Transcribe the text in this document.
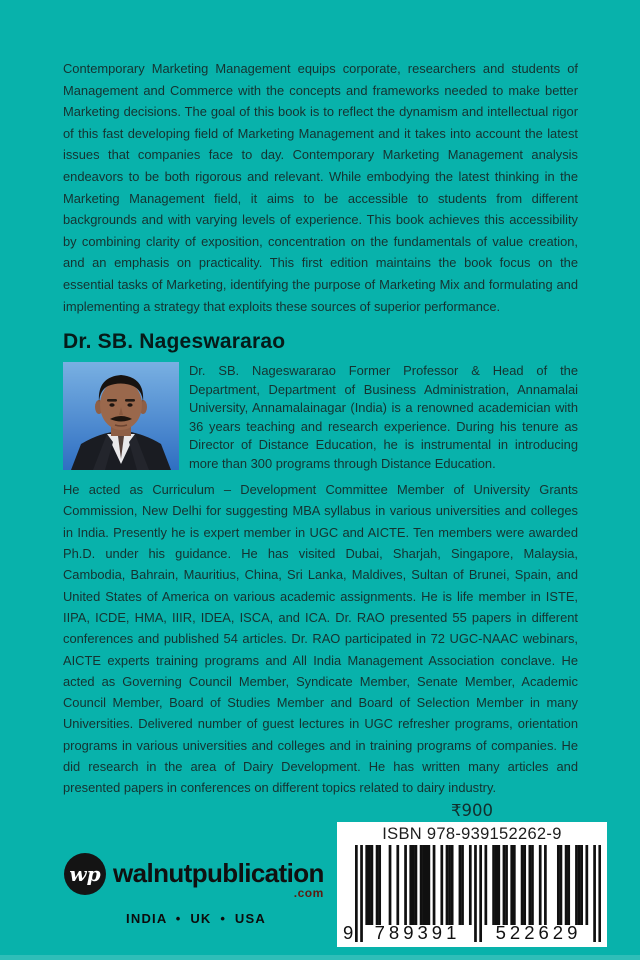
Contemporary Marketing Management equips corporate, researchers and students of Management and Commerce with the concepts and frameworks needed to make better Marketing decisions. The goal of this book is to reflect the dynamism and intellectual rigor of this fast developing field of Marketing Management and it takes into account the latest issues that companies face to day. Contemporary Marketing Management analysis endeavors to be both rigorous and relevant. While embodying the latest thinking in the Marketing Management field, it aims to be accessible to students from different backgrounds and with varying levels of experience. This book achieves this accessibility by combining clarity of exposition, concentration on the fundamentals of value creation, and an emphasis on practicality. This first edition maintains the book focus on the essential tasks of Marketing, identifying the purpose of Marketing Mix and formulating and implementing a strategy that exploits these sources of superior performance.

Dr. SB. Nageswararao

Dr. SB. Nageswararao Former Professor & Head of the Department, Department of Business Administration, Annamalai University, Annamalainagar (India) is a renowned academician with 36 years teaching and research experience. During his tenure as Director of Distance Education, he is instrumental in introducing more than 300 programs through Distance Education.

He acted as Curriculum – Development Committee Member of University Grants Commission, New Delhi for suggesting MBA syllabus in various universities and colleges in India. Presently he is expert member in UGC and AICTE. Ten members were awarded Ph.D. under his guidance. He has visited Dubai, Sharjah, Singapore, Malaysia, Cambodia, Bahrain, Mauritius, China, Sri Lanka, Maldives, Sultan of Brunei, Spain, and United States of America on various academic assignments. He is life member in ISTE, IIPA, ICDE, HMA, IIIR, IDEA, ISCA, and ICA. Dr. RAO presented 55 papers in different conferences and published 54 articles. Dr. RAO participated in 72 UGC-NAAC webinars, AICTE experts training programs and All India Management Association conclave. He acted as Governing Council Member, Syndicate Member, Senate Member, Academic Council Member, Board of Studies Member and Board of Selection Member in many Universities. Delivered number of guest lectures in UGC refresher programs, orientation programs in various universities and colleges and in training programs of companies. He did research in the area of Dairy Development. He has written many articles and presented papers in conferences on different topics related to dairy industry.

₹900
ISBN 978-939152262-9
9	789391	522629
wp walnutpublication
.com
INDIA • UK • USA
